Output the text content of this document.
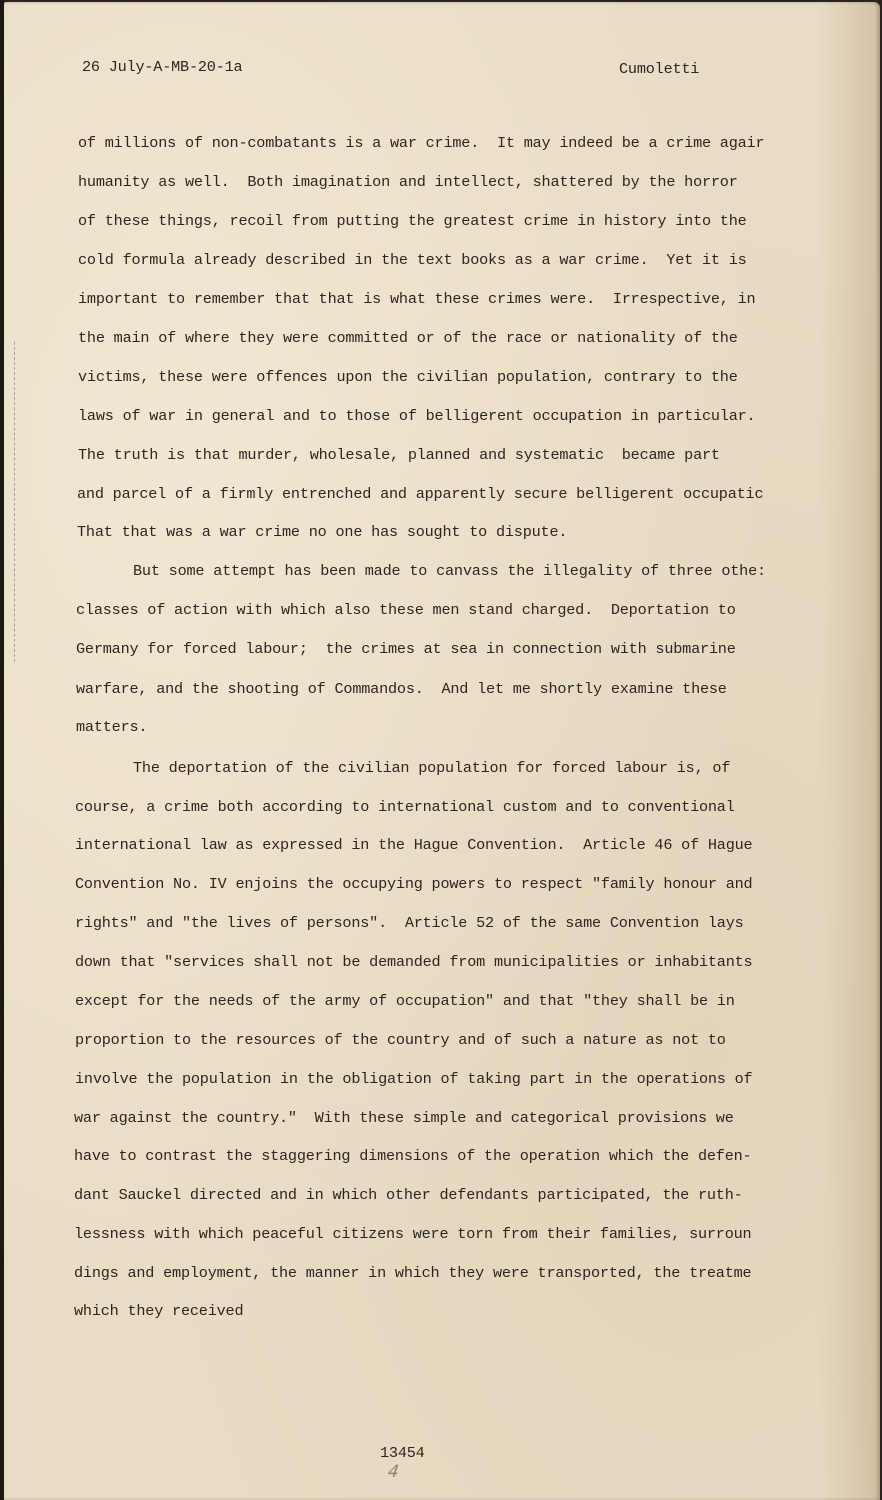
26 July-A-MB-20-1a	Cumoletti
of millions of non-combatants is a war crime.  It may indeed be a crime agair
humanity as well.  Both imagination and intellect, shattered by the horror
of these things, recoil from putting the greatest crime in history into the
cold formula already described in the text books as a war crime.  Yet it is
important to remember that that is what these crimes were.  Irrespective, in
the main of where they were committed or of the race or nationality of the
victims, these were offences upon the civilian population, contrary to the
laws of war in general and to those of belligerent occupation in particular.
The truth is that murder, wholesale, planned and systematic  became part
and parcel of a firmly entrenched and apparently secure belligerent occupatic
That that was a war crime no one has sought to dispute.
But some attempt has been made to canvass the illegality of three othe:
classes of action with which also these men stand charged.  Deportation to
Germany for forced labour;  the crimes at sea in connection with submarine
warfare, and the shooting of Commandos.  And let me shortly examine these
matters.
The deportation of the civilian population for forced labour is, of
course, a crime both according to international custom and to conventional
international law as expressed in the Hague Convention.  Article 46 of Hague
Convention No. IV enjoins the occupying powers to respect "family honour and
rights" and "the lives of persons".  Article 52 of the same Convention lays
down that "services shall not be demanded from municipalities or inhabitants
except for the needs of the army of occupation" and that "they shall be in
proportion to the resources of the country and of such a nature as not to
involve the population in the obligation of taking part in the operations of
war against the country."  With these simple and categorical provisions we
have to contrast the staggering dimensions of the operation which the defen-
dant Sauckel directed and in which other defendants participated, the ruth-
lessness with which peaceful citizens were torn from their families, surroun
dings and employment, the manner in which they were transported, the treatme
which they received
13454
4
